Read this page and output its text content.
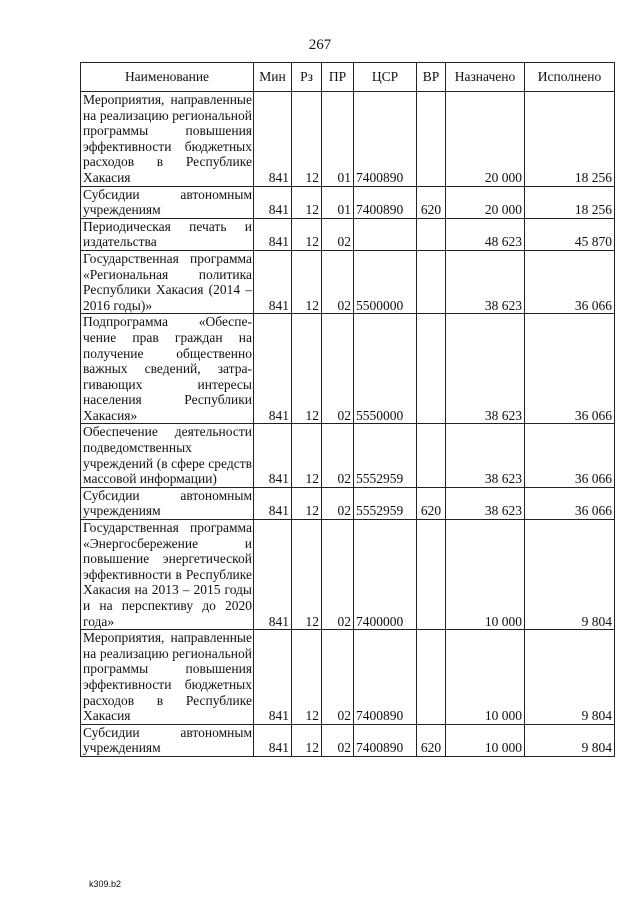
267
Наименование	Мин	Рз	ПР	ЦСР	ВР	Назначено	Исполнено
Мероприятия, направленные на реализацию региональной программы повышения эффективности бюджетных расходов в Республике Хакасия	841	12	01	7400890		20 000	18 256
Субсидии автономным учреждениям	841	12	01	7400890	620	20 000	18 256
Периодическая печать и издательства	841	12	02			48 623	45 870
Государственная программа «Региональная политика Республики Хакасия (2014 – 2016 годы)»	841	12	02	5500000		38 623	36 066
Подпрограмма «Обеспечение прав граждан на получение общественно важных сведений, затрагивающих интересы населения Республики Хакасия»	841	12	02	5550000		38 623	36 066
Обеспечение деятельности подведомственных учреждений (в сфере средств массовой информации)	841	12	02	5552959		38 623	36 066
Субсидии автономным учреждениям	841	12	02	5552959	620	38 623	36 066
Государственная программа «Энергосбережение и повышение энергетической эффективности в Республике Хакасия на 2013 – 2015 годы и на перспективу до 2020 года»	841	12	02	7400000		10 000	9 804
Мероприятия, направленные на реализацию региональной программы повышения эффективности бюджетных расходов в Республике Хакасия	841	12	02	7400890		10 000	9 804
Субсидии автономным учреждениям	841	12	02	7400890	620	10 000	9 804
k309.b2
